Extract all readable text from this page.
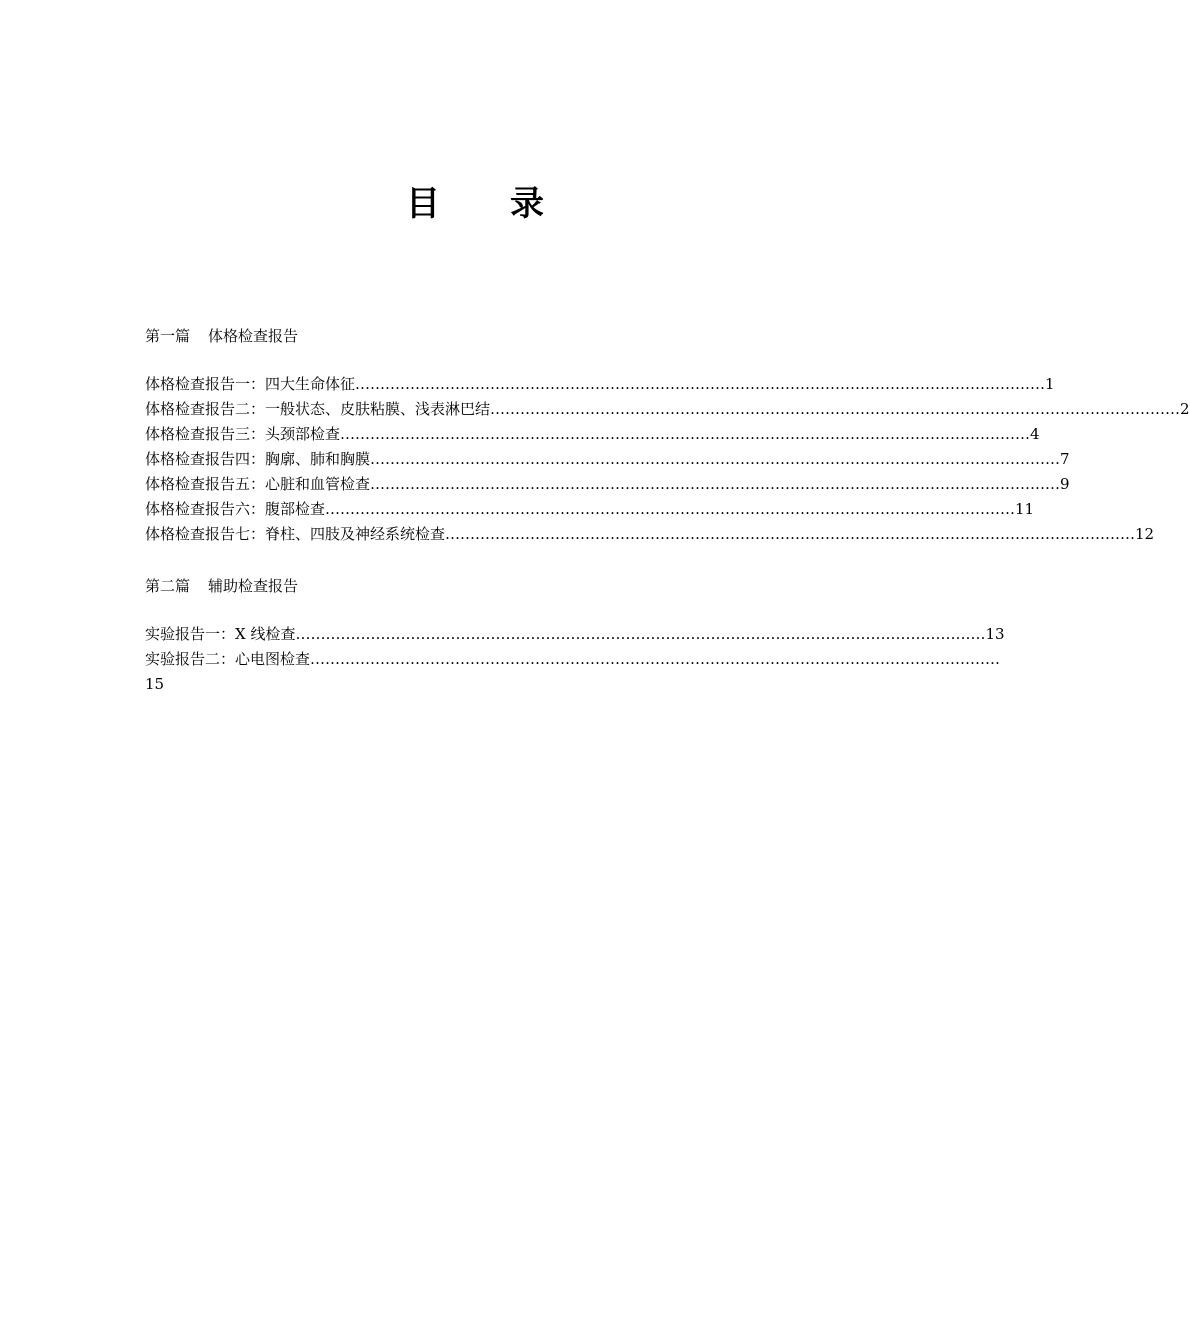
目 录
第一篇 体格检查报告
体格检查报告一：四大生命体征 ………………………………………………………………………………………………………………………… 1
体格检查报告二：一般状态、皮肤粘膜、浅表淋巴结 ………………………………………………………………………………………………………………………… 2
体格检查报告三：头颈部检查 ………………………………………………………………………………………………………………………… 4
体格检查报告四：胸廓、肺和胸膜 ………………………………………………………………………………………………………………………… 7
体格检查报告五：心脏和血管检查 ………………………………………………………………………………………………………………………… 9
体格检查报告六：腹部检查 ………………………………………………………………………………………………………………………… 11
体格检查报告七：脊柱、四肢及神经系统检查 ………………………………………………………………………………………………………………………… 12
第二篇 辅助检查报告
实验报告一：X 线检查 ………………………………………………………………………………………………………………………… 13
实验报告二：心电图检查 …………………………………………………………………………………………………………………………
15
